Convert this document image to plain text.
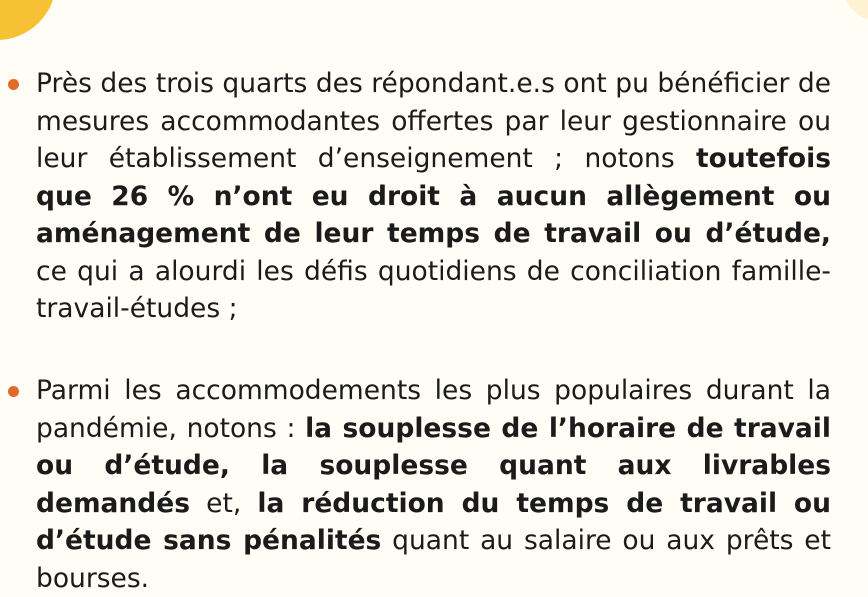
Près des trois quarts des répondant.e.s ont pu bénéficier de mesures accommodantes offertes par leur gestionnaire ou leur établissement d’enseignement ; notons toutefois que 26 % n’ont eu droit à aucun allègement ou aménagement de leur temps de travail ou d’étude, ce qui a alourdi les défis quotidiens de conciliation famille-travail-études ;

Parmi les accommodements les plus populaires durant la pandémie, notons : la souplesse de l’horaire de travail ou d’étude, la souplesse quant aux livrables demandés et, la réduction du temps de travail ou d’étude sans pénalités quant au salaire ou aux prêts et bourses.
